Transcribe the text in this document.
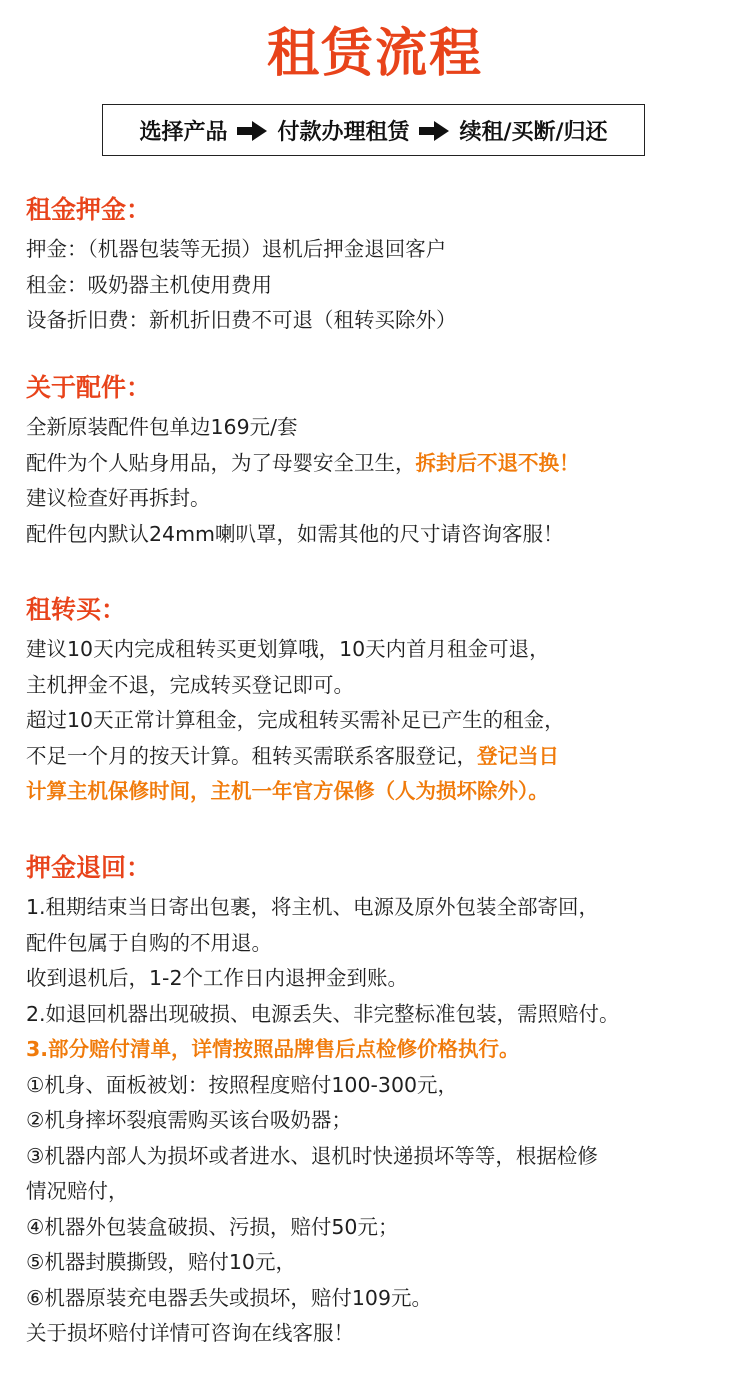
租赁流程
选择产品 付款办理租赁 续租/买断/归还
租金押金：
押金：（机器包装等无损）退机后押金退回客户
租金：吸奶器主机使用费用
设备折旧费：新机折旧费不可退（租转买除外）
关于配件：
全新原装配件包单边169元/套
配件为个人贴身用品，为了母婴安全卫生，拆封后不退不换！
建议检查好再拆封。
配件包内默认24mm喇叭罩，如需其他的尺寸请咨询客服！
租转买：
建议10天内完成租转买更划算哦，10天内首月租金可退，
主机押金不退，完成转买登记即可。
超过10天正常计算租金，完成租转买需补足已产生的租金，
不足一个月的按天计算。租转买需联系客服登记，登记当日
计算主机保修时间，主机一年官方保修（人为损坏除外）。
押金退回：
1.租期结束当日寄出包裹，将主机、电源及原外包装全部寄回，
配件包属于自购的不用退。
收到退机后，1-2个工作日内退押金到账。
2.如退回机器出现破损、电源丢失、非完整标准包装，需照赔付。
3.部分赔付清单，详情按照品牌售后点检修价格执行。
①机身、面板被划：按照程度赔付100-300元，
②机身摔坏裂痕需购买该台吸奶器；
③机器内部人为损坏或者进水、退机时快递损坏等等，根据检修
情况赔付，
④机器外包装盒破损、污损，赔付50元；
⑤机器封膜撕毁，赔付10元，
⑥机器原装充电器丢失或损坏，赔付109元。
关于损坏赔付详情可咨询在线客服！
